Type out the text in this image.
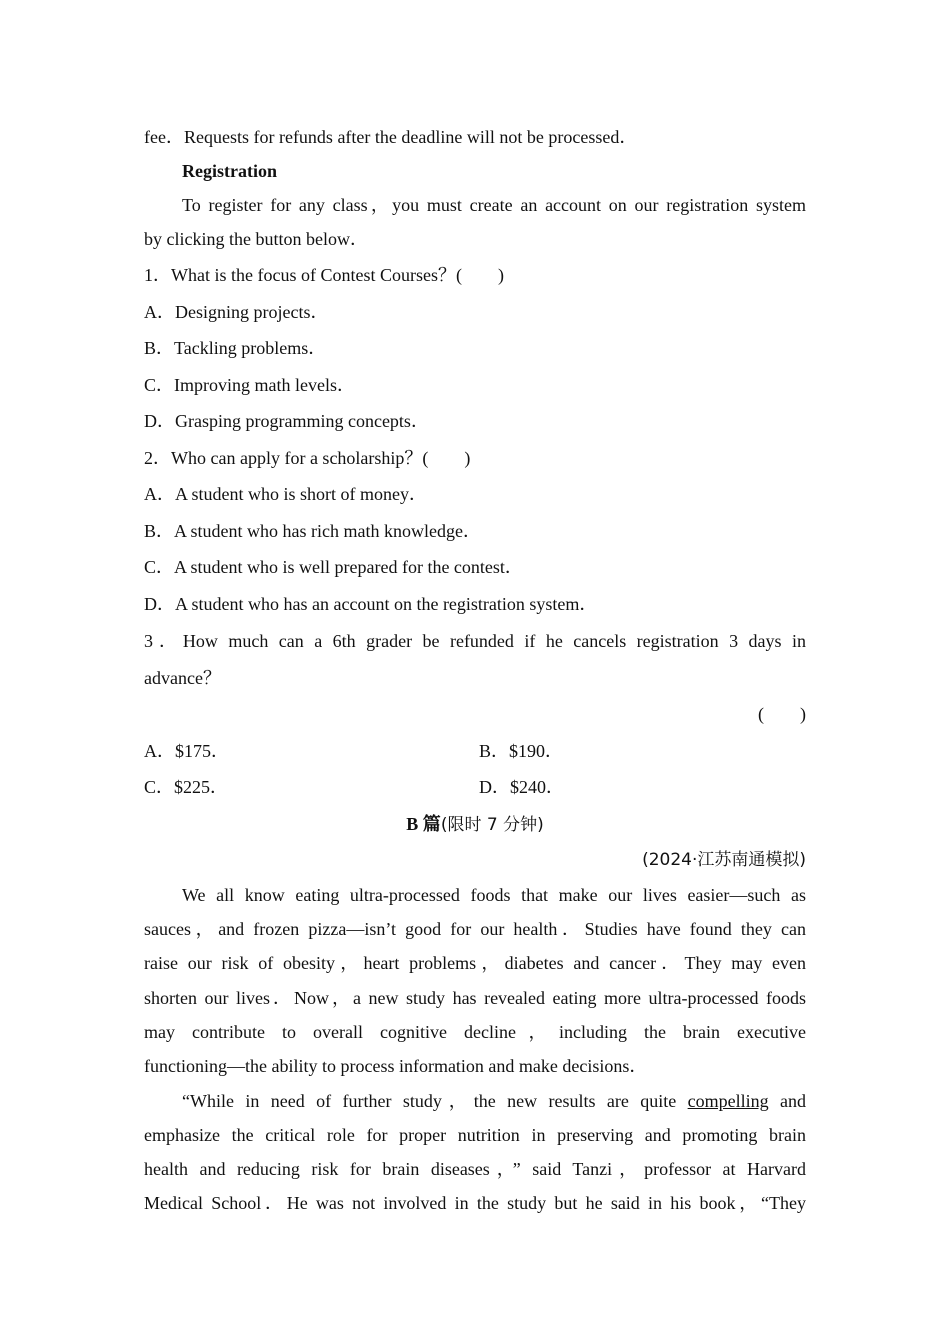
fee．Requests for refunds after the deadline will not be processed．
Registration
To register for any class，you must create an account on our registration system
by clicking the button below．
1．What is the focus of Contest Courses？(　　)
A．Designing projects．
B．Tackling problems．
C．Improving math levels．
D．Grasping programming concepts．
2．Who can apply for a scholarship？(　　)
A．A student who is short of money．
B．A student who has rich math knowledge．
C．A student who is well prepared for the contest．
D．A student who has an account on the registration system．
3．How much can a 6th grader be refunded if he cancels registration 3 days in
advance？
(　　)
A．$175．	B．$190．
C．$225．	D．$240．
B 篇(限时 7 分钟)
(2024·江苏南通模拟)
We all know eating ultra-processed foods that make our lives easier—such as
sauces，and frozen pizza—isn’t good for our health．Studies have found they can
raise our risk of obesity，heart problems，diabetes and cancer．They may even
shorten our lives．Now，a new study has revealed eating more ultra-processed foods
may contribute to overall cognitive decline，including the brain executive
functioning—the ability to process information and make decisions．
“While in need of further study，the new results are quite compelling and
emphasize the critical role for proper nutrition in preserving and promoting brain
health and reducing risk for brain diseases，” said Tanzi，professor at Harvard
Medical School．He was not involved in the study but he said in his book，“They
